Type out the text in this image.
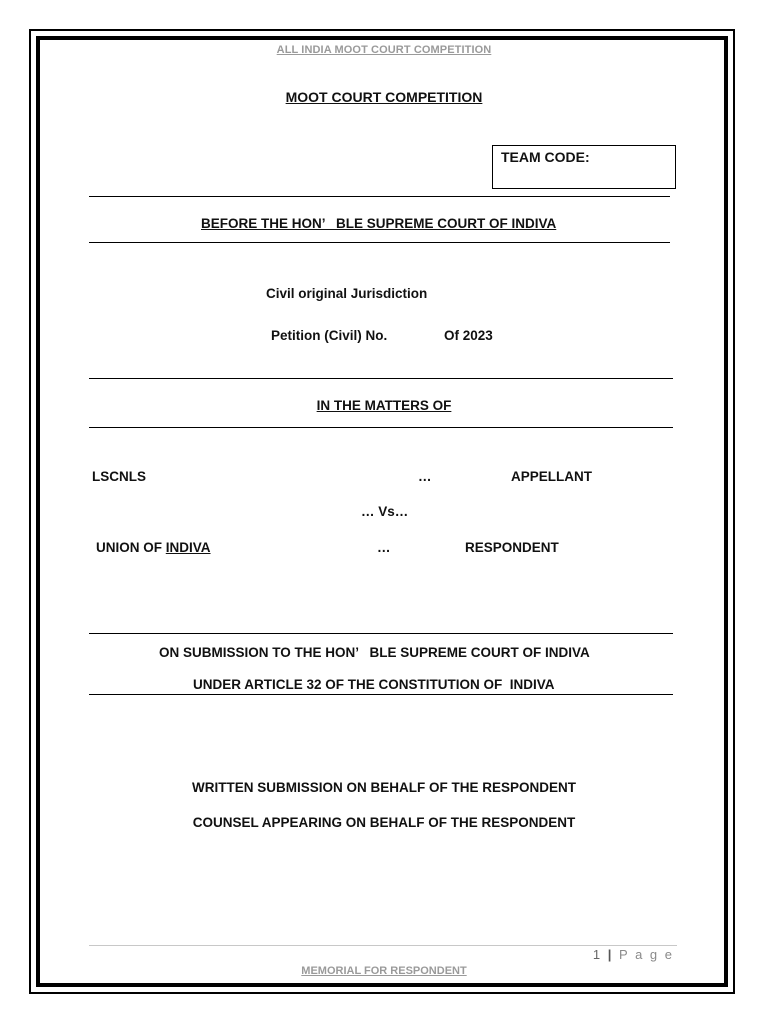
ALL INDIA MOOT COURT COMPETITION
MOOT COURT COMPETITION
TEAM CODE:
BEFORE THE HON’   BLE SUPREME COURT OF INDIVA
Civil original Jurisdiction
Petition (Civil) No.	Of 2023
IN THE MATTERS OF
LSCNLS	…	APPELLANT
… Vs…
UNION OF INDIVA	…	RESPONDENT
ON SUBMISSION TO THE HON’   BLE SUPREME COURT OF INDIVA
UNDER ARTICLE 32 OF THE CONSTITUTION OF  INDIVA
WRITTEN SUBMISSION ON BEHALF OF THE RESPONDENT
COUNSEL APPEARING ON BEHALF OF THE RESPONDENT
1 | P a g e
MEMORIAL FOR RESPONDENT
